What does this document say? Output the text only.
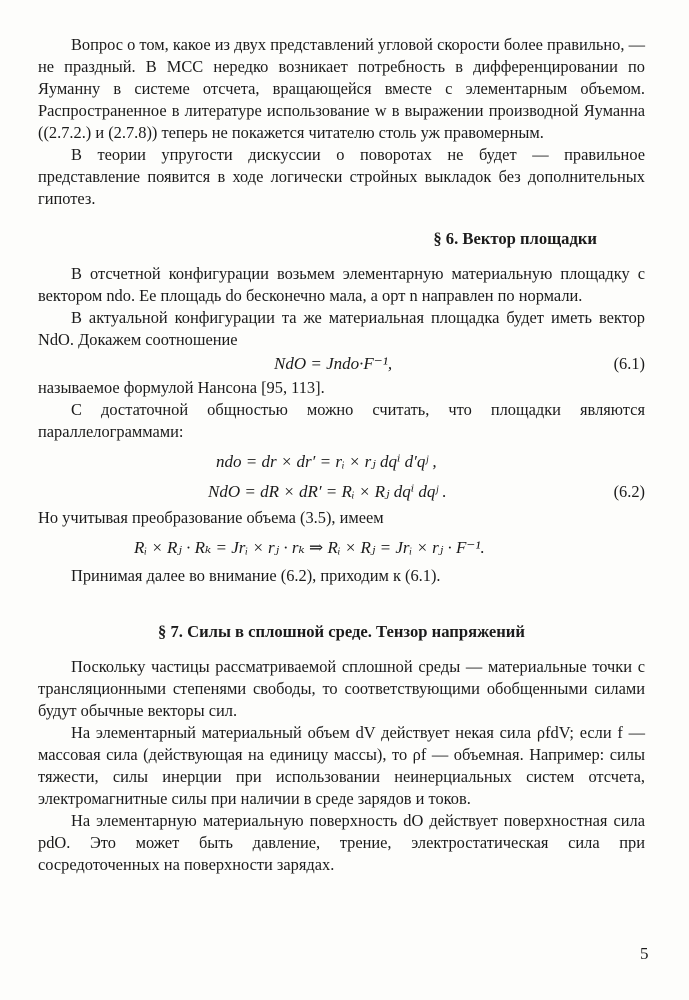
Вопрос о том, какое из двух представлений угловой скорости более правильно, — не праздный. В МСС нередко возникает потребность в дифференцировании по Яуманну в системе отсчета, вращающейся вместе с элементарным объемом. Распространенное в литературе использование w в выражении производной Яуманна ((2.7.2.) и (2.7.8)) теперь не покажется читателю столь уж правомерным.

В теории упругости дискуссии о поворотах не будет — правильное представление появится в ходе логически стройных выкладок без дополнительных гипотез.

§ 6. Вектор площадки

В отсчетной конфигурации возьмем элементарную материальную площадку с вектором ndo. Ее площадь do бесконечно мала, а орт n направлен по нормали.

В актуальной конфигурации та же материальная площадка будет иметь вектор NdO. Докажем соотношение

NdO = Jndo·F⁻¹,	(6.1)

называемое формулой Нансона [95, 113].

С достаточной общностью можно считать, что площадки являются параллелограммами:

ndo = dr × dr′ = rᵢ × rⱼ dqⁱ d′qʲ ,
NdO = dR × dR′ = Rᵢ × Rⱼ dqⁱ dqʲ .	(6.2)

Но учитывая преобразование объема (3.5), имеем

Rᵢ × Rⱼ · Rₖ = Jrᵢ × rⱼ · rₖ ⇒ Rᵢ × Rⱼ = Jrᵢ × rⱼ · F⁻¹.

Принимая далее во внимание (6.2), приходим к (6.1).

§ 7. Силы в сплошной среде. Тензор напряжений

Поскольку частицы рассматриваемой сплошной среды — материальные точки с трансляционными степенями свободы, то соответствующими обобщенными силами будут обычные векторы сил.

На элементарный материальный объем dV действует некая сила ρfdV; если f — массовая сила (действующая на единицу массы), то ρf — объемная. Например: силы тяжести, силы инерции при использовании неинерциальных систем отсчета, электромагнитные силы при наличии в среде зарядов и токов.

На элементарную материальную поверхность dO действует поверхностная сила pdO. Это может быть давление, трение, электростатическая сила при сосредоточенных на поверхности зарядах.

5
